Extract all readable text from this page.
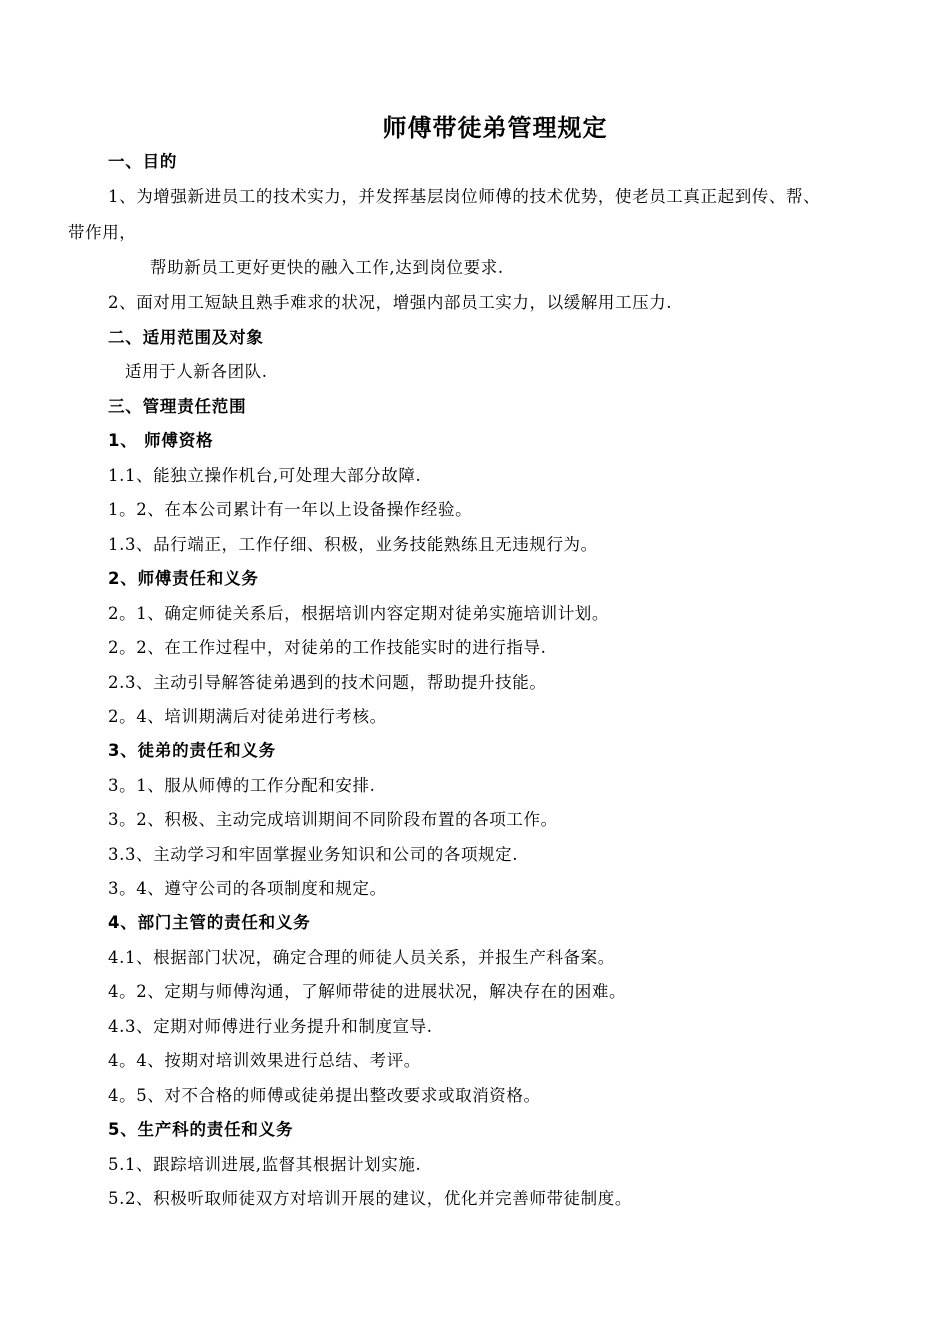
师傅带徒弟管理规定
一、目的
1、为增强新进员工的技术实力，并发挥基层岗位师傅的技术优势，使老员工真正起到传、帮、
带作用，
帮助新员工更好更快的融入工作,达到岗位要求.
2、面对用工短缺且熟手难求的状况，增强内部员工实力，以缓解用工压力.
二、适用范围及对象
适用于人新各团队.
三、管理责任范围
1、 师傅资格
1.1、能独立操作机台,可处理大部分故障.
1。2、在本公司累计有一年以上设备操作经验。
1.3、品行端正，工作仔细、积极，业务技能熟练且无违规行为。
2、师傅责任和义务
2。1、确定师徒关系后，根据培训内容定期对徒弟实施培训计划。
2。2、在工作过程中，对徒弟的工作技能实时的进行指导.
2.3、主动引导解答徒弟遇到的技术问题，帮助提升技能。
2。4、培训期满后对徒弟进行考核。
3、徒弟的责任和义务
3。1、服从师傅的工作分配和安排.
3。2、积极、主动完成培训期间不同阶段布置的各项工作。
3.3、主动学习和牢固掌握业务知识和公司的各项规定.
3。4、遵守公司的各项制度和规定。
4、部门主管的责任和义务
4.1、根据部门状况，确定合理的师徒人员关系，并报生产科备案。
4。2、定期与师傅沟通，了解师带徒的进展状况，解决存在的困难。
4.3、定期对师傅进行业务提升和制度宣导.
4。4、按期对培训效果进行总结、考评。
4。5、对不合格的师傅或徒弟提出整改要求或取消资格。
5、生产科的责任和义务
5.1、跟踪培训进展,监督其根据计划实施.
5.2、积极听取师徒双方对培训开展的建议，优化并完善师带徒制度。
